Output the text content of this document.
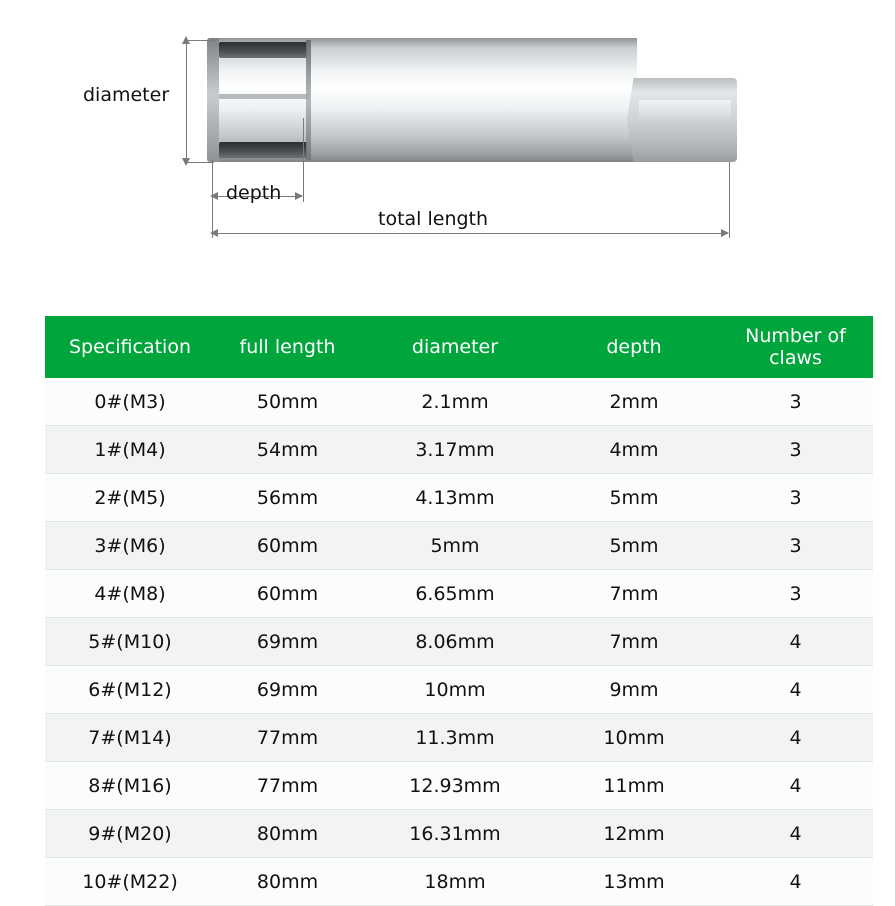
diameter
depth
total length
Specification	full length	diameter	depth	Number of claws
0#(M3)	50mm	2.1mm	2mm	3
1#(M4)	54mm	3.17mm	4mm	3
2#(M5)	56mm	4.13mm	5mm	3
3#(M6)	60mm	5mm	5mm	3
4#(M8)	60mm	6.65mm	7mm	3
5#(M10)	69mm	8.06mm	7mm	4
6#(M12)	69mm	10mm	9mm	4
7#(M14)	77mm	11.3mm	10mm	4
8#(M16)	77mm	12.93mm	11mm	4
9#(M20)	80mm	16.31mm	12mm	4
10#(M22)	80mm	18mm	13mm	4
